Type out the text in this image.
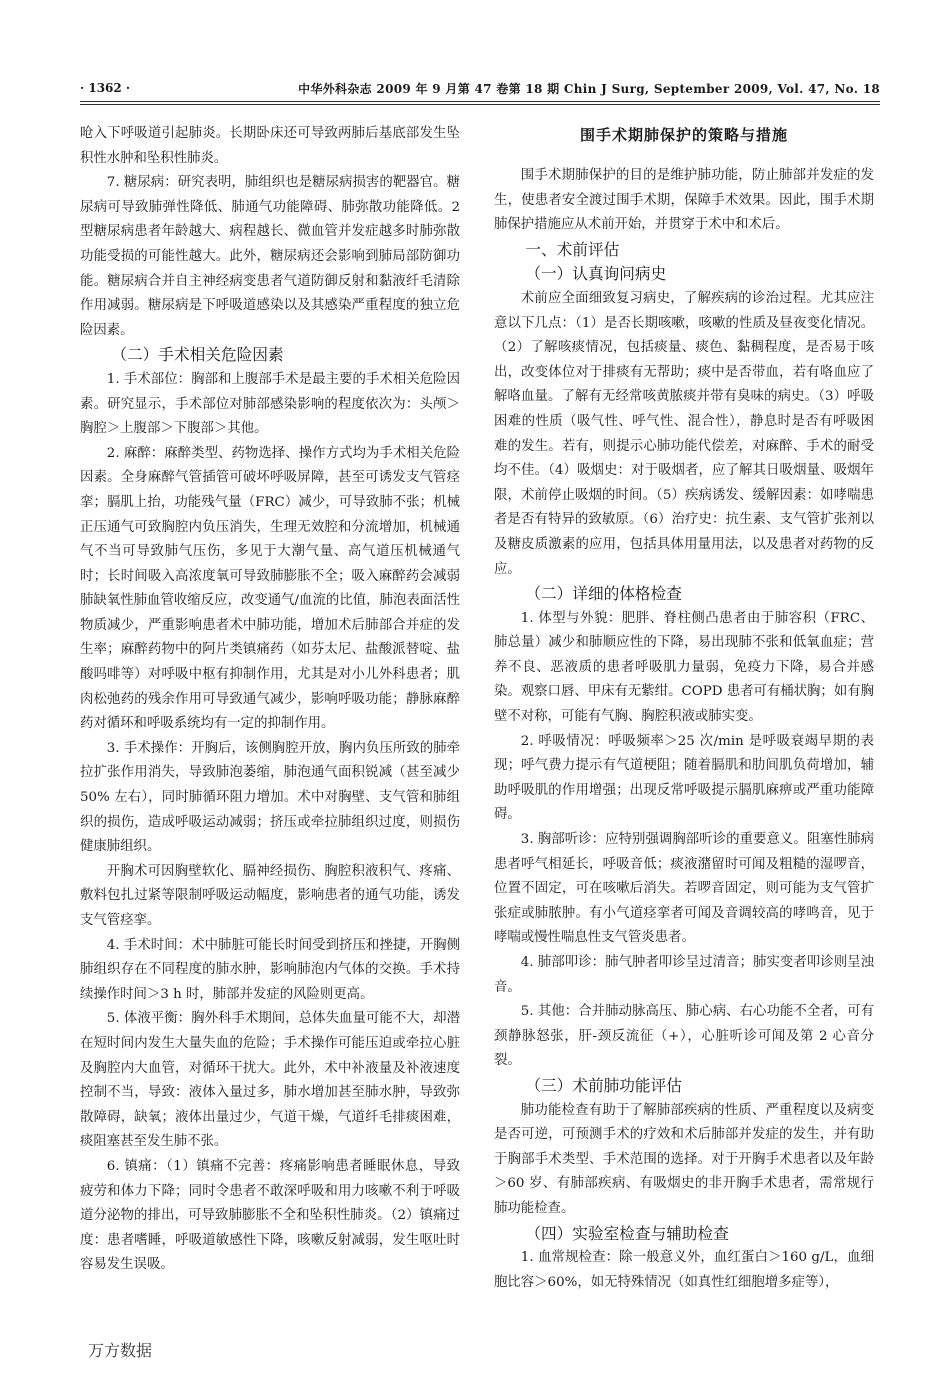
· 1362 ·	中华外科杂志 2009 年 9 月第 47 卷第 18 期 Chin J Surg, September 2009, Vol. 47, No. 18

呛入下呼吸道引起肺炎。长期卧床还可导致两肺后基底部发生坠积性水肿和坠积性肺炎。

7. 糖尿病：研究表明，肺组织也是糖尿病损害的靶器官。糖尿病可导致肺弹性降低、肺通气功能障碍、肺弥散功能降低。2 型糖尿病患者年龄越大、病程越长、微血管并发症越多时肺弥散功能受损的可能性越大。此外，糖尿病还会影响到肺局部防御功能。糖尿病合并自主神经病变患者气道防御反射和黏液纤毛清除作用减弱。糖尿病是下呼吸道感染以及其感染严重程度的独立危险因素。

（二）手术相关危险因素

1. 手术部位：胸部和上腹部手术是最主要的手术相关危险因素。研究显示，手术部位对肺部感染影响的程度依次为：头颅＞胸腔＞上腹部＞下腹部＞其他。

2. 麻醉：麻醉类型、药物选择、操作方式均为手术相关危险因素。全身麻醉气管插管可破坏呼吸屏障，甚至可诱发支气管痉挛；膈肌上抬，功能残气量（FRC）减少，可导致肺不张；机械正压通气可致胸腔内负压消失，生理无效腔和分流增加，机械通气不当可导致肺气压伤，多见于大潮气量、高气道压机械通气时；长时间吸入高浓度氧可导致肺膨胀不全；吸入麻醉药会减弱肺缺氧性肺血管收缩反应，改变通气/血流的比值，肺泡表面活性物质减少，严重影响患者术中肺功能，增加术后肺部合并症的发生率；麻醉药物中的阿片类镇痛药（如芬太尼、盐酸派替啶、盐酸吗啡等）对呼吸中枢有抑制作用，尤其是对小儿外科患者；肌肉松弛药的残余作用可导致通气减少，影响呼吸功能；静脉麻醉药对循环和呼吸系统均有一定的抑制作用。

3. 手术操作：开胸后，该侧胸腔开放，胸内负压所致的肺牵拉扩张作用消失，导致肺泡萎缩，肺泡通气面积锐减（甚至减少 50% 左右），同时肺循环阻力增加。术中对胸壁、支气管和肺组织的损伤，造成呼吸运动减弱；挤压或牵拉肺组织过度，则损伤健康肺组织。

开胸术可因胸壁软化、膈神经损伤、胸腔积液积气、疼痛、敷料包扎过紧等限制呼吸运动幅度，影响患者的通气功能，诱发支气管痉挛。

4. 手术时间：术中肺脏可能长时间受到挤压和挫捷，开胸侧肺组织存在不同程度的肺水肿，影响肺泡内气体的交换。手术持续操作时间＞3 h 时，肺部并发症的风险则更高。

5. 体液平衡：胸外科手术期间，总体失血量可能不大，却潜在短时间内发生大量失血的危险；手术操作可能压迫或牵拉心脏及胸腔内大血管，对循环干扰大。此外，术中补液量及补液速度控制不当，导致：液体入量过多，肺水增加甚至肺水肿，导致弥散障碍，缺氧；液体出量过少，气道干燥，气道纤毛排痰困难，痰阻塞甚至发生肺不张。

6. 镇痛：（1）镇痛不完善：疼痛影响患者睡眠休息，导致疲劳和体力下降；同时令患者不敢深呼吸和用力咳嗽不利于呼吸道分泌物的排出，可导致肺膨胀不全和坠积性肺炎。（2）镇痛过度：患者嗜睡，呼吸道敏感性下降，咳嗽反射减弱，发生呕吐时容易发生误吸。

围手术期肺保护的策略与措施

围手术期肺保护的目的是维护肺功能，防止肺部并发症的发生，使患者安全渡过围手术期，保障手术效果。因此，围手术期肺保护措施应从术前开始，并贯穿于术中和术后。

一、术前评估
（一）认真询问病史

术前应全面细致复习病史，了解疾病的诊治过程。尤其应注意以下几点：（1）是否长期咳嗽，咳嗽的性质及昼夜变化情况。（2）了解咳痰情况，包括痰量、痰色、黏稠程度，是否易于咳出，改变体位对于排痰有无帮助；痰中是否带血，若有咯血应了解咯血量。了解有无经常咳黄脓痰并带有臭味的病史。（3）呼吸困难的性质（吸气性、呼气性、混合性），静息时是否有呼吸困难的发生。若有，则提示心肺功能代偿差，对麻醉、手术的耐受均不佳。（4）吸烟史：对于吸烟者，应了解其日吸烟量、吸烟年限，术前停止吸烟的时间。（5）疾病诱发、缓解因素：如哮喘患者是否有特异的致敏原。（6）治疗史：抗生素、支气管扩张剂以及糖皮质激素的应用，包括具体用量用法，以及患者对药物的反应。

（二）详细的体格检查

1. 体型与外貌：肥胖、脊柱侧凸患者由于肺容积（FRC、肺总量）减少和肺顺应性的下降，易出现肺不张和低氧血症；营养不良、恶液质的患者呼吸肌力量弱，免疫力下降，易合并感染。观察口唇、甲床有无紫绀。COPD 患者可有桶状胸；如有胸壁不对称，可能有气胸、胸腔积液或肺实变。

2. 呼吸情况：呼吸频率＞25 次/min 是呼吸衰竭早期的表现；呼气费力提示有气道梗阻；随着膈肌和肋间肌负荷增加，辅助呼吸肌的作用增强；出现反常呼吸提示膈肌麻痹或严重功能障碍。

3. 胸部听诊：应特别强调胸部听诊的重要意义。阻塞性肺病患者呼气相延长，呼吸音低；痰液潴留时可闻及粗糙的湿啰音，位置不固定，可在咳嗽后消失。若啰音固定，则可能为支气管扩张症或肺脓肿。有小气道痉挛者可闻及音调较高的哮鸣音，见于哮喘或慢性喘息性支气管炎患者。

4. 肺部叩诊：肺气肿者叩诊呈过清音；肺实变者叩诊则呈浊音。

5. 其他：合并肺动脉高压、肺心病、右心功能不全者，可有颈静脉怒张，肝-颈反流征（+），心脏听诊可闻及第 2 心音分裂。

（三）术前肺功能评估

肺功能检查有助于了解肺部疾病的性质、严重程度以及病变是否可逆，可预测手术的疗效和术后肺部并发症的发生，并有助于胸部手术类型、手术范围的选择。对于开胸手术患者以及年龄＞60 岁、有肺部疾病、有吸烟史的非开胸手术患者，需常规行肺功能检查。

（四）实验室检查与辅助检查

1. 血常规检查：除一般意义外，血红蛋白＞160 g/L，血细胞比容＞60%，如无特殊情况（如真性红细胞增多症等），

万方数据
